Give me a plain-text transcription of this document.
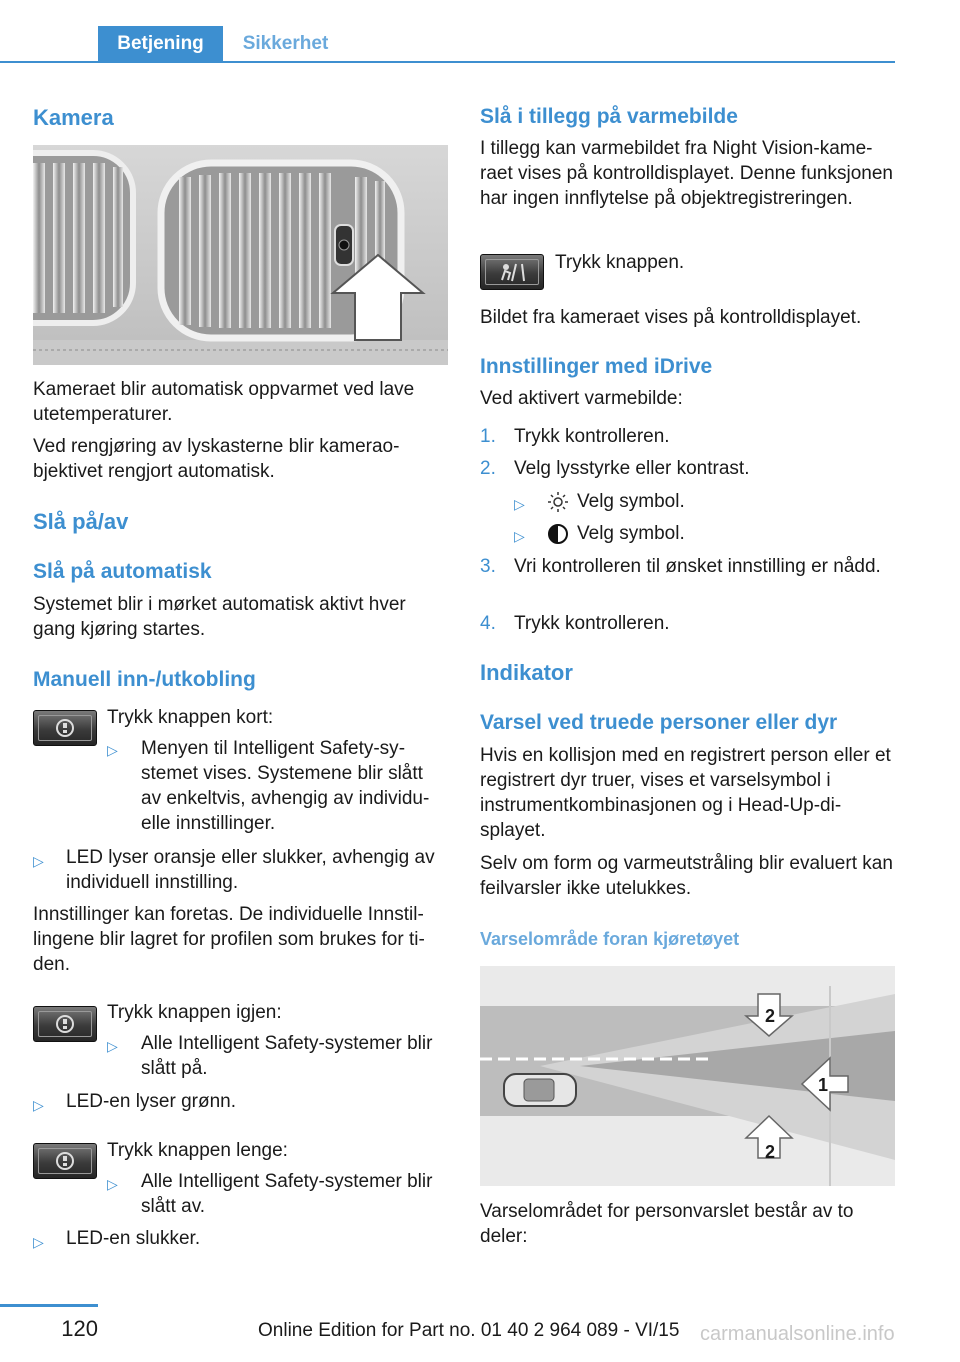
Betjening	Sikkerhet
Kamera

Kameraet blir automatisk oppvarmet ved lave utetemperaturer.

Ved rengjøring av lyskasterne blir kameraobjektivet rengjort automatisk.

Slå på/av
Slå på automatisk

Systemet blir i mørket automatisk aktivt hver gang kjøring startes.

Manuell inn-/utkobling

Trykk knappen kort:

▷ Menyen til Intelligent Safety-systemet vises. Systemene blir slått av enkeltvis, avhengig av individuelle innstillinger.

▷ LED lyser oransje eller slukker, avhengig av individuell innstilling.

Innstillinger kan foretas. De individuelle Innstillingene blir lagret for profilen som brukes for tiden.

Trykk knappen igjen:

▷ Alle Intelligent Safety-systemer blir slått på.

▷ LED-en lyser grønn.

Trykk knappen lenge:

▷ Alle Intelligent Safety-systemer blir slått av.

▷ LED-en slukker.

Slå i tillegg på varmebilde

I tillegg kan varmebildet fra Night Vision-kameraet vises på kontrolldisplayet. Denne funksjonen har ingen innflytelse på objektregistreringen.

Trykk knappen.

Bildet fra kameraet vises på kontrolldisplayet.

Innstillinger med iDrive

Ved aktivert varmebilde:

1. Trykk kontrolleren.

2. Velg lysstyrke eller kontrast.

▷	Velg symbol.

▷	Velg symbol.

3. Vri kontrolleren til ønsket innstilling er nådd.

4. Trykk kontrolleren.

Indikator
Varsel ved truede personer eller dyr

Hvis en kollisjon med en registrert person eller et registrert dyr truer, vises et varselsymbol i instrumentkombinasjonen og i Head-Up-displayet.

Selv om form og varmeutstråling blir evaluert kan feilvarsler ikke utelukkes.

Varselområde foran kjøretøyet
2
1
2

Varselområdet for personvarslet består av to deler:

120	Online Edition for Part no. 01 40 2 964 089 - VI/15 carmanualsonline.info
